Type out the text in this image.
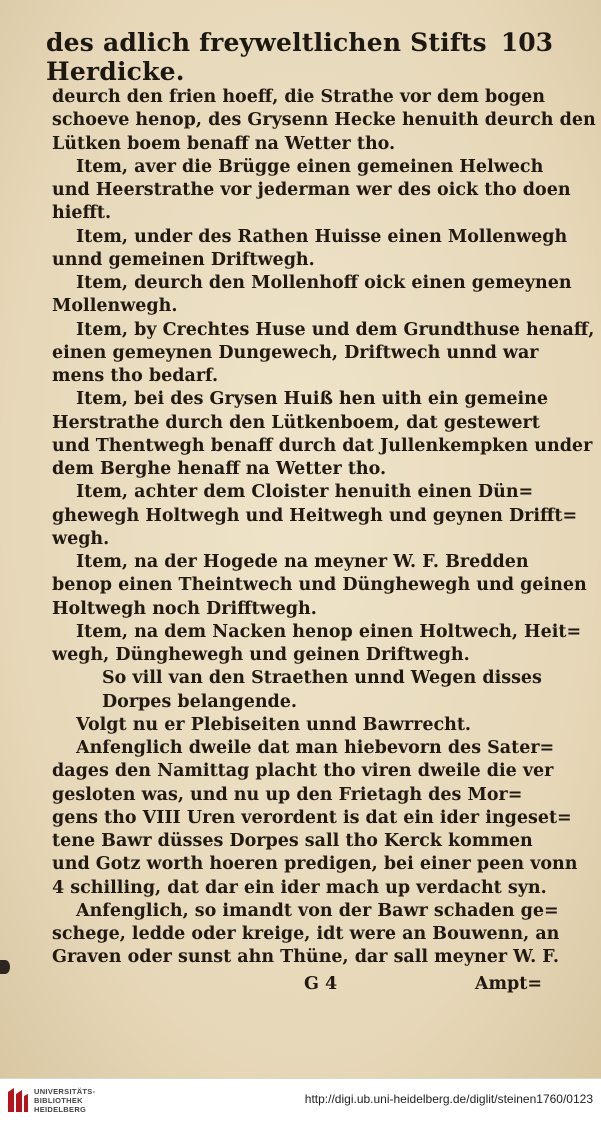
des adlich freyweltlichen Stifts Herdicke.
103
deurch den frien hoeff, die Strathe vor dem bogen
schoeve henop, des Grysenn Hecke henuith deurch den
Lütken boem benaff na Wetter tho.
Item, aver die Brügge einen gemeinen Helwech
und Heerstrathe vor jederman wer des oick tho doen
hiefft.
Item, under des Rathen Huisse einen Mollenwegh
unnd gemeinen Driftwegh.
Item, deurch den Mollenhoff oick einen gemeynen
Mollenwegh.
Item, by Crechtes Huse und dem Grundthuse henaff,
einen gemeynen Dungewech, Driftwech unnd war
mens tho bedarf.
Item, bei des Grysen Huiß hen uith ein gemeine
Herstrathe durch den Lütkenboem, dat gestewert
und Thentwegh benaff durch dat Jullenkempken under
dem Berghe henaff na Wetter tho.
Item, achter dem Cloister henuith einen Dün=
ghewegh Holtwegh und Heitwegh und geynen Drifft=
wegh.
Item, na der Hogede na meyner W. F. Bredden
benop einen Theintwech und Dünghewegh und geinen
Holtwegh noch Drifftwegh.
Item, na dem Nacken henop einen Holtwech, Heit=
wegh, Dünghewegh und geinen Driftwegh.
So vill van den Straethen unnd Wegen disses
Dorpes belangende.
Volgt nu er Plebiseiten unnd Bawrrecht.
Anfenglich dweile dat man hiebevorn des Sater=
dages den Namittag placht tho viren dweile die ver
gesloten was, und nu up den Frietagh des Mor=
gens tho VIII Uren verordent is dat ein ider ingeset=
tene Bawr düsses Dorpes sall tho Kerck kommen
und Gotz worth hoeren predigen, bei einer peen vonn
4 schilling, dat dar ein ider mach up verdacht syn.
Anfenglich, so imandt von der Bawr schaden ge=
schege, ledde oder kreige, idt were an Bouwenn, an
Graven oder sunst ahn Thüne, dar sall meyner W. F.
G 4	Ampt=
UNIVERSITÄTS-
BIBLIOTHEK
HEIDELBERG
http://digi.ub.uni-heidelberg.de/diglit/steinen1760/0123
